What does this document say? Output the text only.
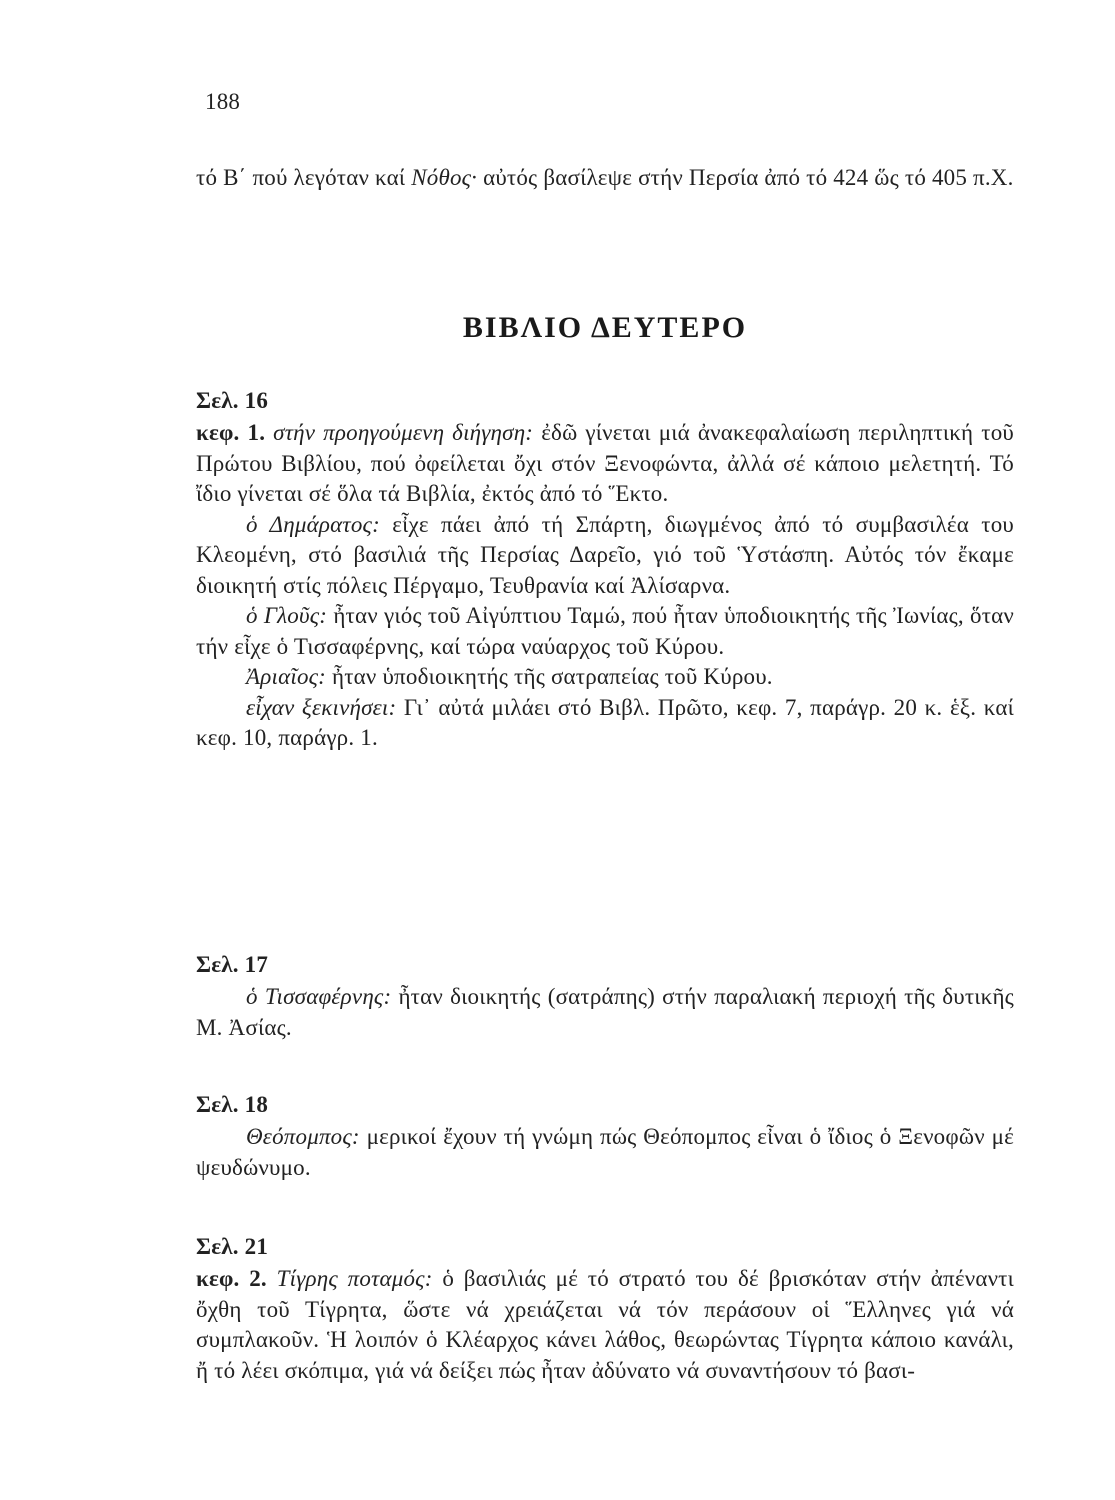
188

τό Β΄ πού λεγόταν καί Νόθος· αὐτός βασίλεψε στήν Περσία ἀπό τό 424 ὥς τό 405 π.Χ.

ΒΙΒΛΙΟ ΔΕΥΤΕΡΟ
Σελ. 16

κεφ. 1. στήν προηγούμενη διήγηση: ἐδῶ γίνεται μιά ἀνακεφαλαίωση περιληπτική τοῦ Πρώτου Βιβλίου, πού ὀφείλεται ὄχι στόν Ξενοφώντα, ἀλλά σέ κάποιο μελετητή. Τό ἴδιο γίνεται σέ ὅλα τά Βιβλία, ἐκτός ἀπό τό Ἕκτο.

ὁ Δημάρατος: εἶχε πάει ἀπό τή Σπάρτη, διωγμένος ἀπό τό συμβασιλέα του Κλεομένη, στό βασιλιά τῆς Περσίας Δαρεῖο, γιό τοῦ Ὑστάσπη. Αὐτός τόν ἔκαμε διοικητή στίς πόλεις Πέργαμο, Τευθρανία καί Ἀλίσαρνα.

ὁ Γλοῦς: ἦταν γιός τοῦ Αἰγύπτιου Ταμώ, πού ἦταν ὑποδιοικητής τῆς Ἰωνίας, ὅταν τήν εἶχε ὁ Τισσαφέρνης, καί τώρα ναύαρχος τοῦ Κύρου.

Ἀριαῖος: ἦταν ὑποδιοικητής τῆς σατραπείας τοῦ Κύρου.

εἶχαν ξεκινήσει: Γι᾽ αὐτά μιλάει στό Βιβλ. Πρῶτο, κεφ. 7, παράγρ. 20 κ. ἑξ. καί κεφ. 10, παράγρ. 1.

Σελ. 17

ὁ Τισσαφέρνης: ἦταν διοικητής (σατράπης) στήν παραλιακή περιοχή τῆς δυτικῆς Μ. Ἀσίας.

Σελ. 18

Θεόπομπος: μερικοί ἔχουν τή γνώμη πώς Θεόπομπος εἶναι ὁ ἴδιος ὁ Ξενοφῶν μέ ψευδώνυμο.

Σελ. 21

κεφ. 2. Τίγρης ποταμός: ὁ βασιλιάς μέ τό στρατό του δέ βρισκόταν στήν ἀπέναντι ὄχθη τοῦ Τίγρητα, ὥστε νά χρειάζεται νά τόν περάσουν οἱ Ἕλληνες γιά νά συμπλακοῦν. Ἡ λοιπόν ὁ Κλέαρχος κάνει λάθος, θεωρώντας Τίγρητα κάποιο κανάλι, ἤ τό λέει σκόπιμα, γιά νά δείξει πώς ἦταν ἀδύνατο νά συναντήσουν τό βασι-
